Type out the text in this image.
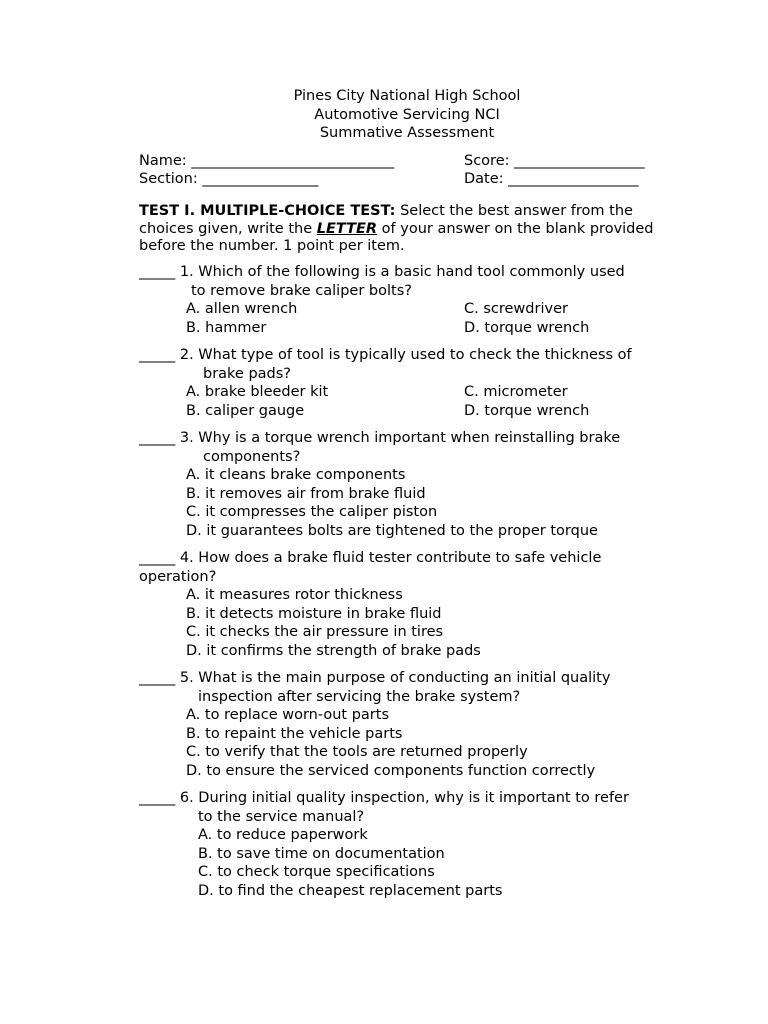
Pines City National High School
Automotive Servicing NCI
Summative Assessment
Name: ____________________________	Score: __________________
Section: ________________	Date: __________________
TEST I. MULTIPLE-CHOICE TEST: Select the best answer from the choices given, write the LETTER of your answer on the blank provided before the number. 1 point per item.
_____ 1. Which of the following is a basic hand tool commonly used
to remove brake caliper bolts?
A. allen wrench	C. screwdriver
B. hammer	D. torque wrench
_____ 2. What type of tool is typically used to check the thickness of
brake pads?
A. brake bleeder kit	C. micrometer
B. caliper gauge	D. torque wrench
_____ 3. Why is a torque wrench important when reinstalling brake
components?
A. it cleans brake components
B. it removes air from brake fluid
C. it compresses the caliper piston
D. it guarantees bolts are tightened to the proper torque
_____ 4. How does a brake fluid tester contribute to safe vehicle
operation?
A. it measures rotor thickness
B. it detects moisture in brake fluid
C. it checks the air pressure in tires
D. it confirms the strength of brake pads
_____ 5. What is the main purpose of conducting an initial quality
inspection after servicing the brake system?
A. to replace worn-out parts
B. to repaint the vehicle parts
C. to verify that the tools are returned properly
D. to ensure the serviced components function correctly
_____ 6. During initial quality inspection, why is it important to refer
to the service manual?
A. to reduce paperwork
B. to save time on documentation
C. to check torque specifications
D. to find the cheapest replacement parts
